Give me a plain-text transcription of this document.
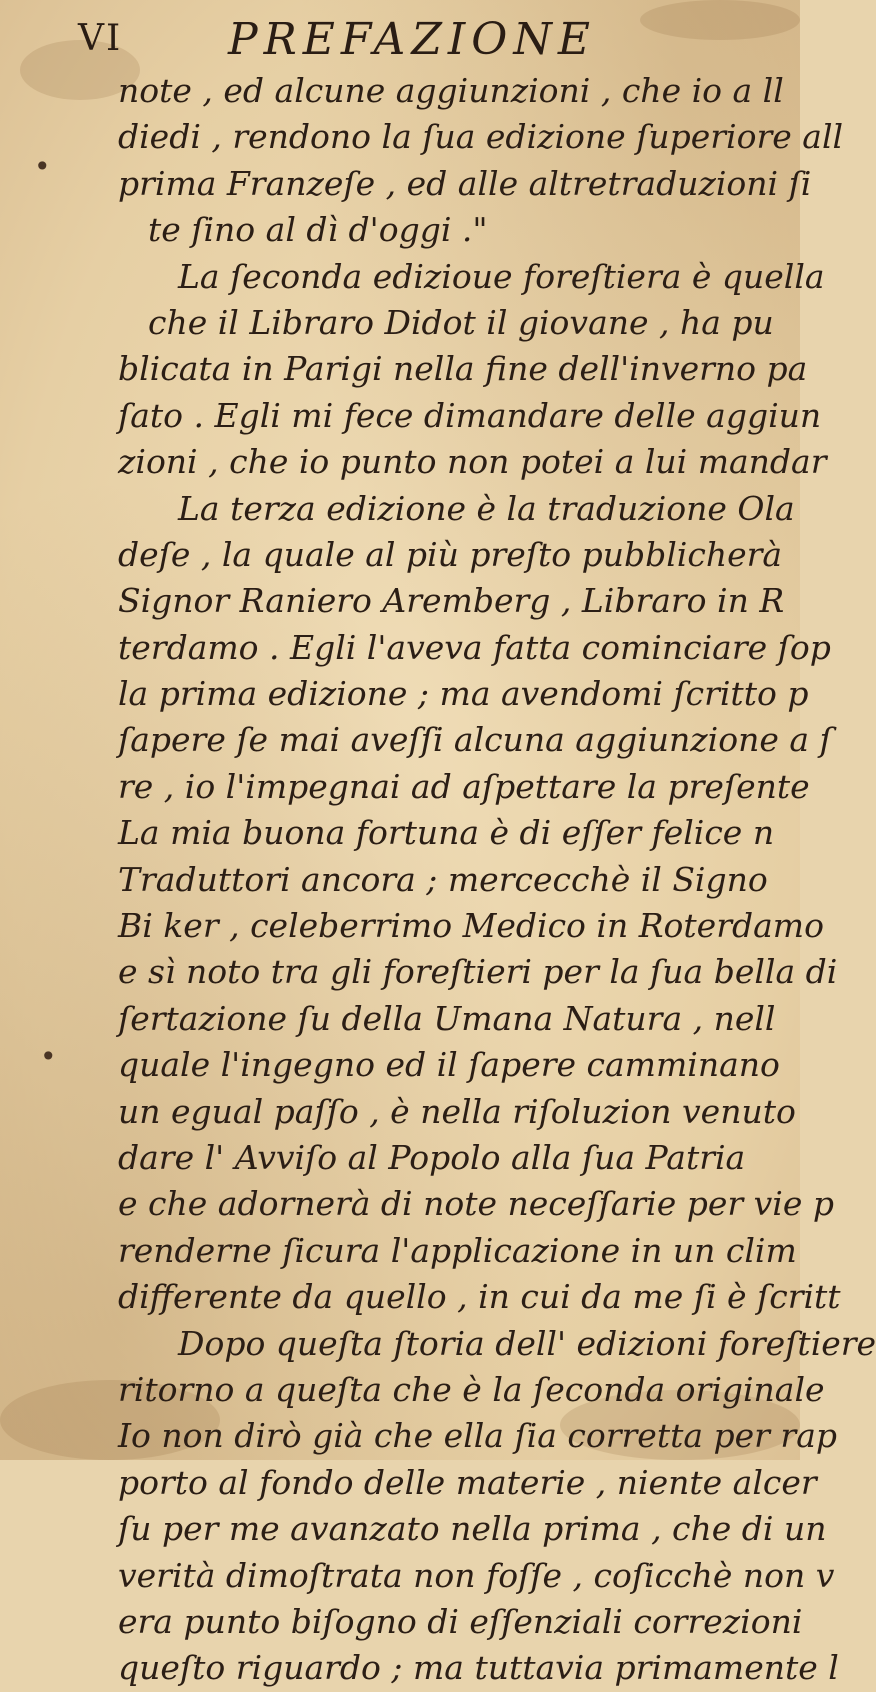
•
•
VI PREFAZIONE
note , ed alcune aggiunzioni , che io a ll
diedi , rendono la ſua edizione ſuperiore all
prima Franzeſe , ed alle altretraduzioni ſi
te ſino al dì d'oggi ."
La ſeconda edizioue foreſtiera è quella
che il Libraro Didot il giovane , ha pu
blicata in Parigi nella fine dell'inverno pa
ſato . Egli mi fece dimandare delle aggiun
zioni , che io punto non potei a lui mandar
La terza edizione è la traduzione Ola
deſe , la quale al più preſto pubblicherà
Signor Raniero Aremberg , Libraro in R
terdamo . Egli l'aveva fatta cominciare ſop
la prima edizione ; ma avendomi ſcritto p
ſapere ſe mai aveſſi alcuna aggiunzione a ſ
re , io l'impegnai ad aſpettare la preſente
La mia buona fortuna è di eſſer felice n
Traduttori ancora ; mercecchè il Signo
Bi ker , celeberrimo Medico in Roterdamo
e sì noto tra gli foreſtieri per la ſua bella di
ſertazione ſu della Umana Natura , nell
quale l'ingegno ed il ſapere camminano
un egual paſſo , è nella riſoluzion venuto
dare l' Avviſo al Popolo alla ſua Patria
e che adornerà di note neceſſarie per vie p
renderne ſicura l'applicazione in un clim
differente da quello , in cui da me ſi è ſcritt
Dopo queſta ſtoria dell' edizioni foreſtiere
ritorno a queſta che è la ſeconda originale
Io non dirò già che ella ſia corretta per rap
porto al fondo delle materie , niente alcer
ſu per me avanzato nella prima , che di un
verità dimoſtrata non foſſe , coſicchè non v
era punto biſogno di eſſenziali correzioni
queſto riguardo ; ma tuttavia primamente l
